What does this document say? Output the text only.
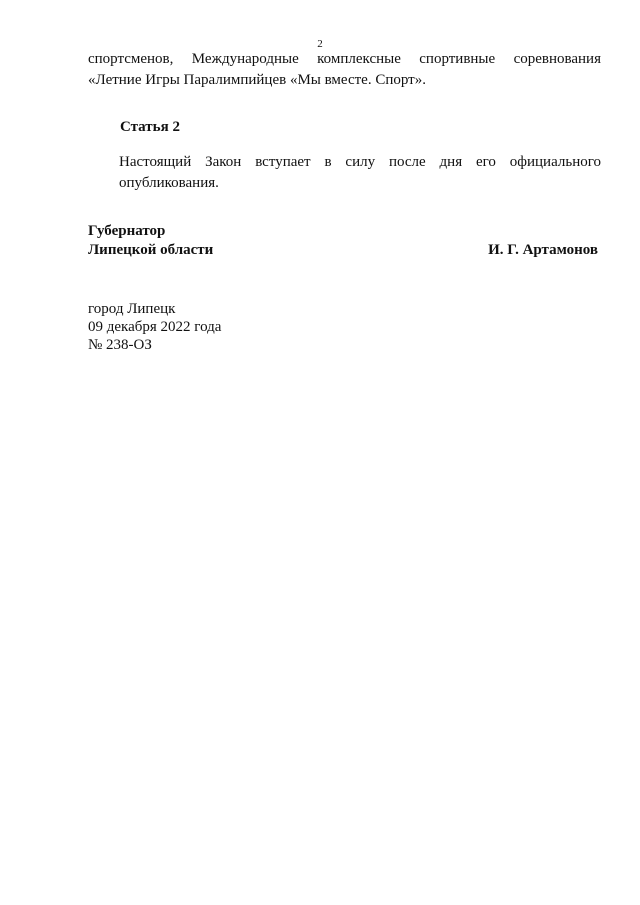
2
спортсменов, Международные комплексные спортивные соревнования
«Летние Игры Паралимпийцев «Мы вместе. Спорт».
Статья 2
Настоящий Закон вступает в силу после дня его официального
опубликования.
Губернатор
Липецкой области	И. Г. Артамонов
город Липецк
09 декабря 2022 года
№ 238-ОЗ
